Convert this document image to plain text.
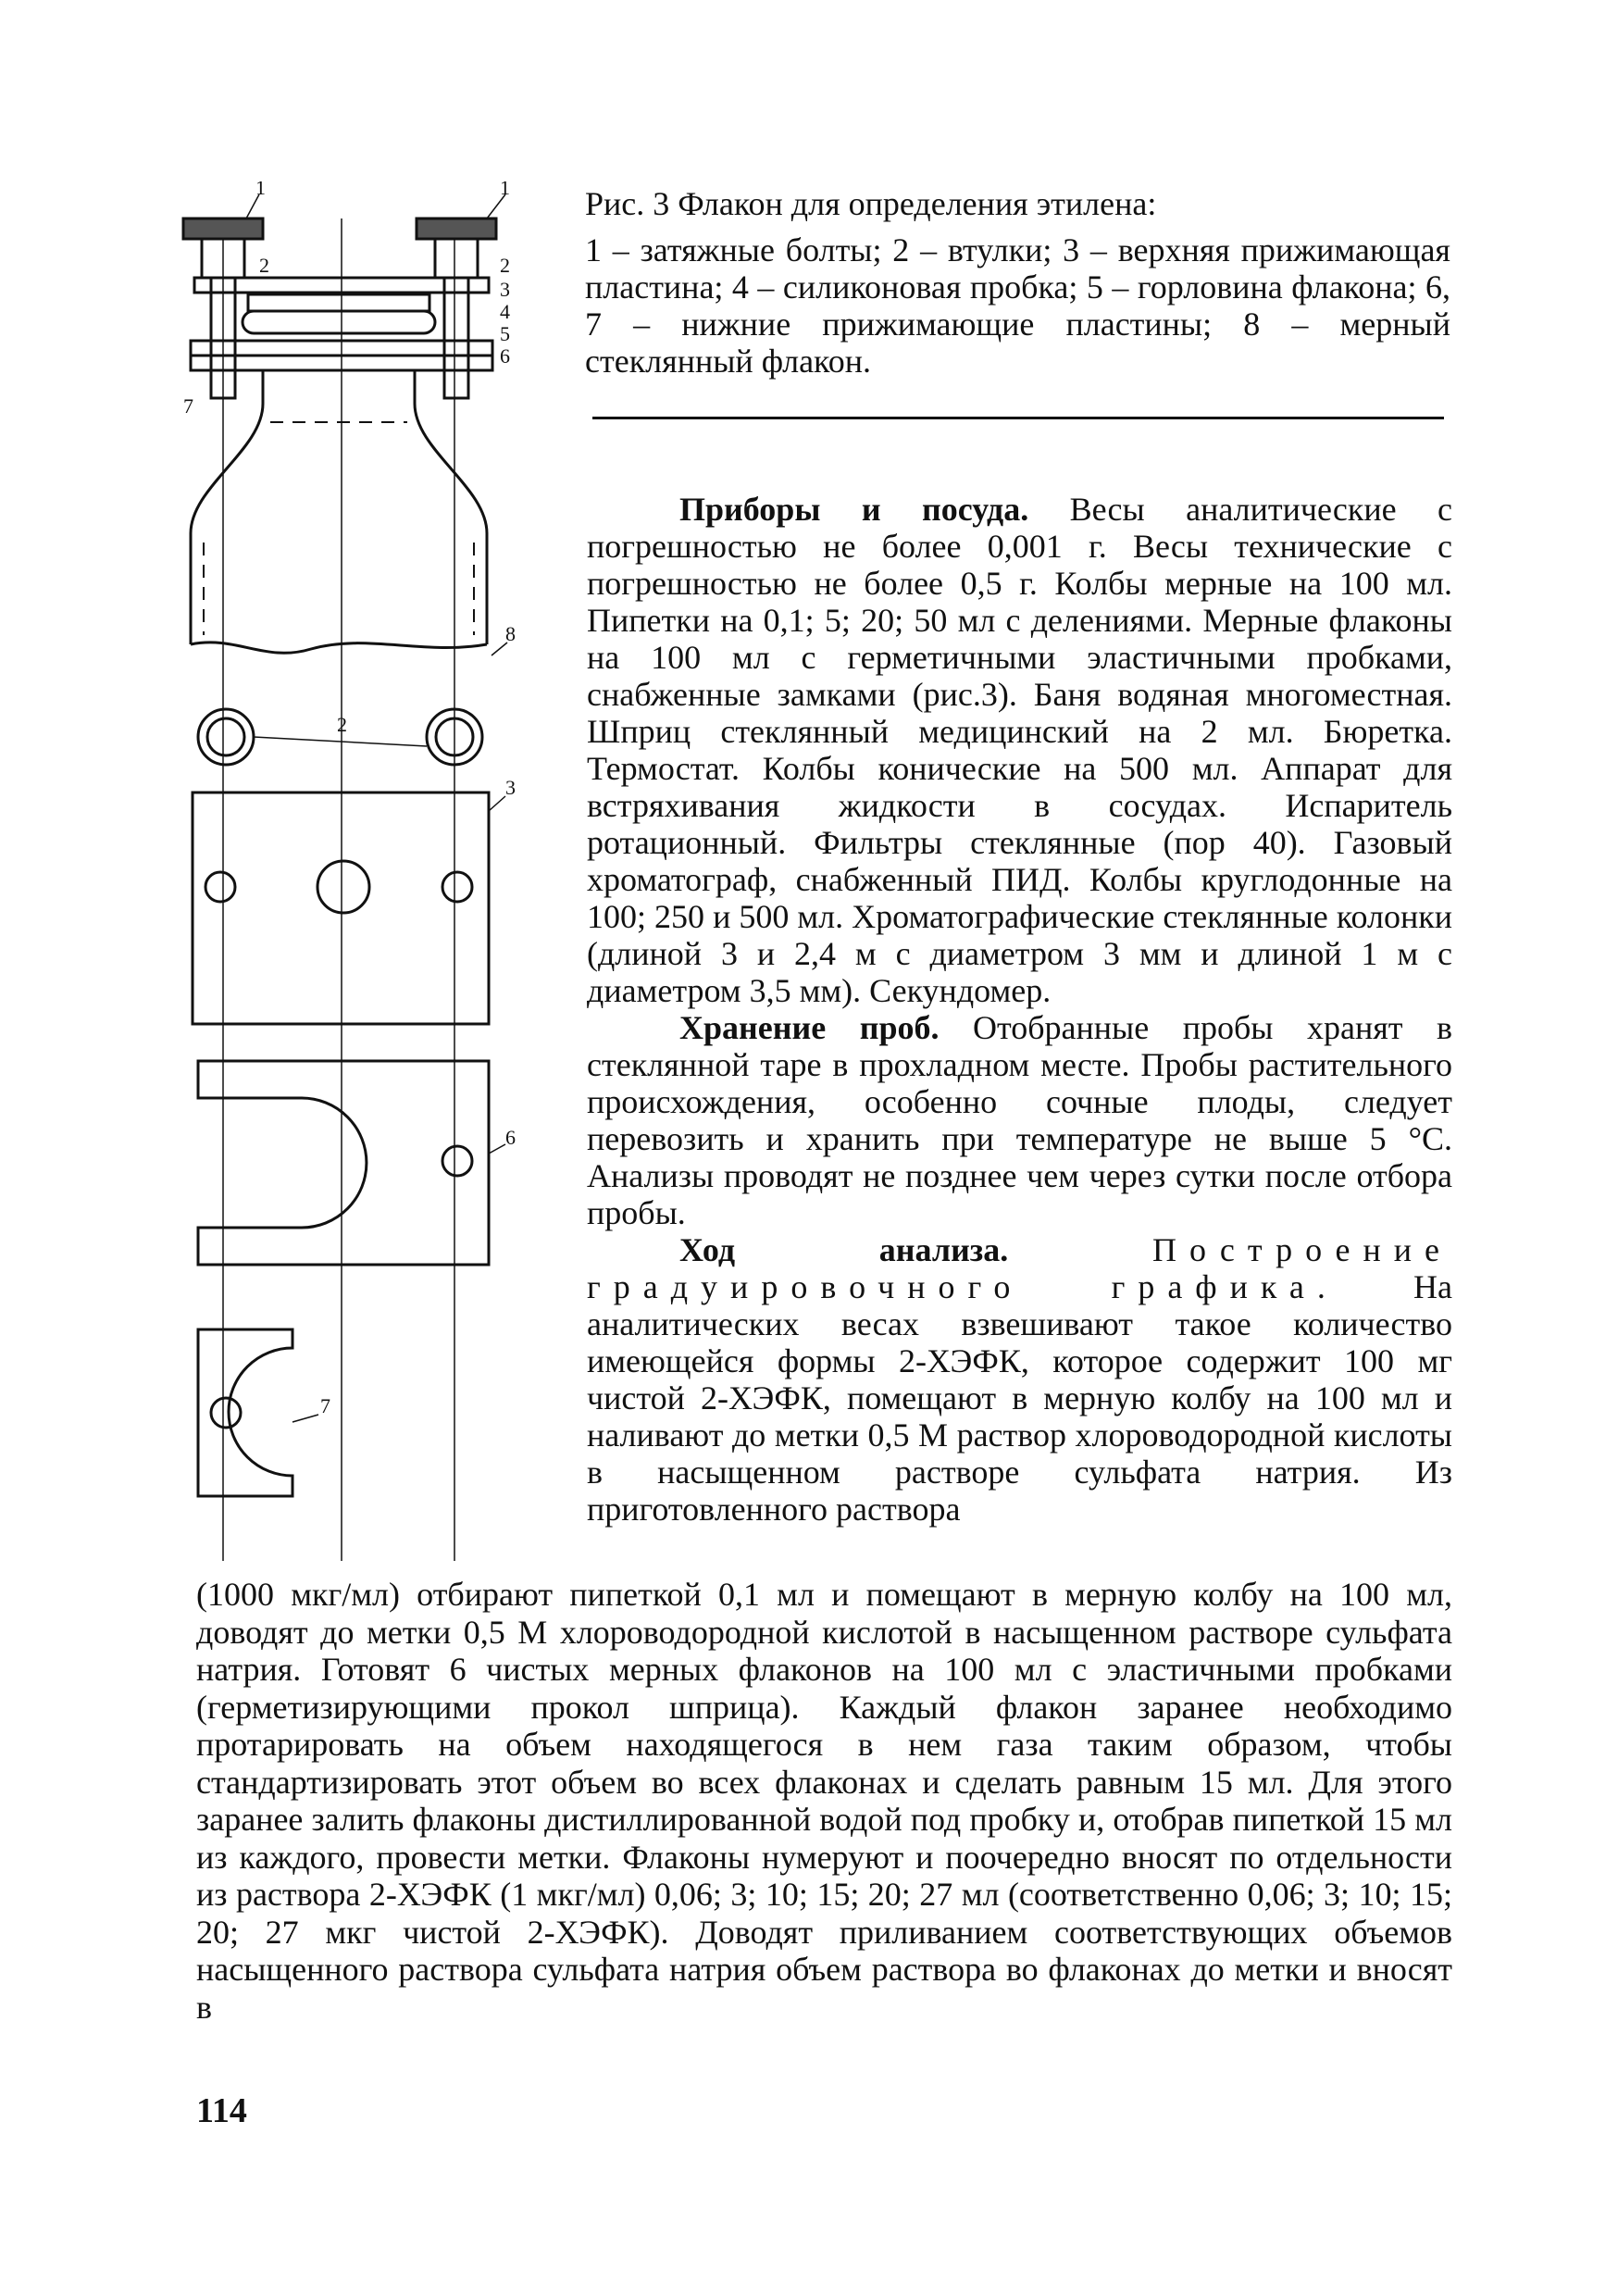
1	1
2	2
3
4
5
6
7
8
2
3
6
7

Рис. 3 Флакон для определения этилена:

1 – затяжные болты; 2 – втулки; 3 – верхняя прижимающая пластина; 4 – силиконовая пробка; 5 – горловина флакона; 6, 7 – нижние прижимающие пластины; 8 – мерный стеклянный флакон.

Приборы и посуда. Весы аналитические с погрешностью не более 0,001 г. Весы технические с погрешностью не более 0,5 г. Колбы мерные на 100 мл. Пипетки на 0,1; 5; 20; 50 мл с делениями. Мерные флаконы на 100 мл с герметичными эластичными пробками, снабженные замками (рис.3). Баня водяная многоместная. Шприц стеклянный медицинский на 2 мл. Бюретка. Термостат. Колбы конические на 500 мл. Аппарат для встряхивания жидкости в сосудах. Испаритель ротационный. Фильтры стеклянные (пор 40). Газовый хроматограф, снабженный ПИД. Колбы круглодонные на 100; 250 и 500 мл. Хроматографические стеклянные колонки (длиной 3 и 2,4 м с диаметром 3 мм и длиной 1 м с диаметром 3,5 мм). Секундомер.

Хранение проб. Отобранные пробы хранят в стеклянной таре в прохладном месте. Пробы растительного происхождения, особенно сочные плоды, следует перевозить и хранить при температуре не выше 5 °С. Анализы проводят не позднее чем через сутки после отбора пробы.

Ход анализа.	Построение градуировочного графика. На аналитических весах взвешивают такое количество имеющейся формы 2-ХЭФК, которое содержит 100 мг чистой 2-ХЭФК, помещают в мерную колбу на 100 мл и наливают до метки 0,5 М раствор хлороводородной кислоты в насыщенном растворе сульфата натрия. Из приготовленного раствора

(1000 мкг/мл) отбирают пипеткой 0,1 мл и помещают в мерную колбу на 100 мл, доводят до метки 0,5 М хлороводородной кислотой в насыщенном растворе сульфата натрия. Готовят 6 чистых мерных флаконов на 100 мл с эластичными пробками (герметизирующими прокол шприца). Каждый флакон заранее необходимо протарировать на объем находящегося в нем газа таким образом, чтобы стандартизировать этот объем во всех флаконах и сделать равным 15 мл. Для этого заранее залить флаконы дистиллированной водой под пробку и, отобрав пипеткой 15 мл из каждого, провести метки. Флаконы нумеруют и поочередно вносят по отдельности из раствора 2-ХЭФК (1 мкг/мл) 0,06; 3; 10; 15; 20; 27 мл (соответственно 0,06; 3; 10; 15; 20; 27 мкг чистой 2-ХЭФК). Доводят приливанием соответствующих объемов насыщенного раствора сульфата натрия объем раствора во флаконах до метки и вносят в

114
